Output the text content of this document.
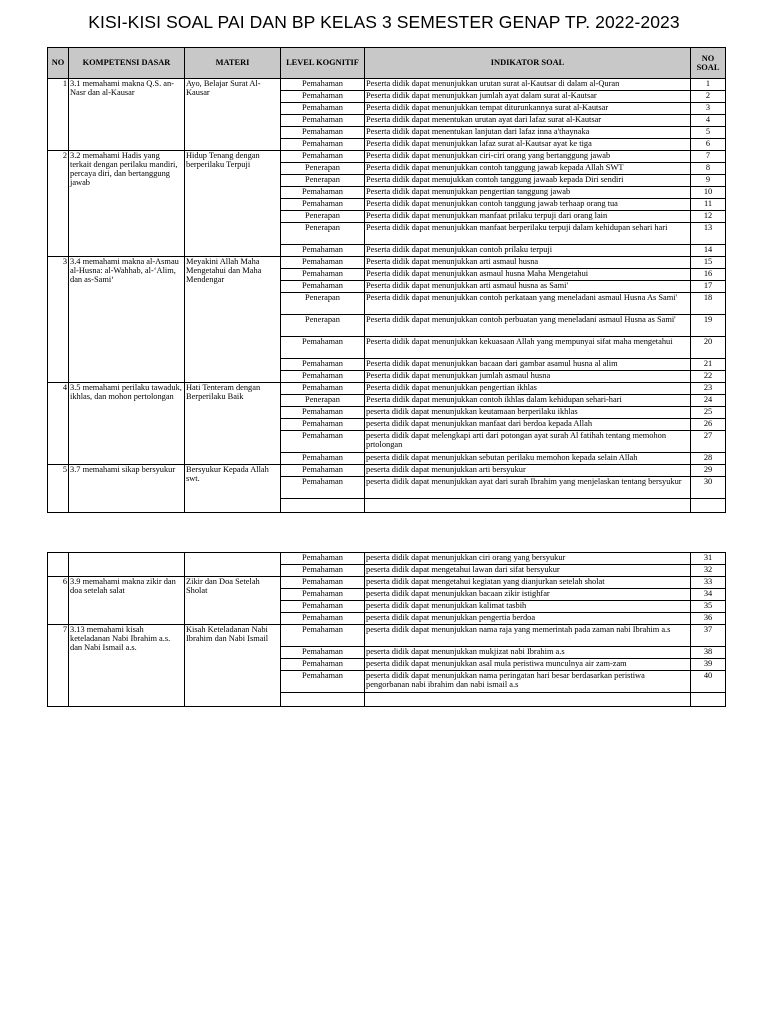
KISI-KISI SOAL PAI DAN BP KELAS 3 SEMESTER GENAP TP. 2022-2023
NO	KOMPETENSI DASAR	MATERI	LEVEL KOGNITIF	INDIKATOR SOAL	NO SOAL
1	3.1 memahami makna Q.S. an-Nasr dan al-Kausar	Ayo, Belajar Surat Al-Kausar	Pemahaman	Peserta didik dapat menunjukkan urutan surat al-Kautsar di dalam al-Quran	1
			Pemahaman	Peserta didik dapat menunjukkan jumlah ayat dalam surat al-Kautsar	2
			Pemahaman	Peserta didik dapat menunjukkan tempat diturunkannya surat al-Kautsar	3
			Pemahaman	Peserta didik dapat menentukan urutan ayat dari lafaz surat al-Kautsar	4
			Pemahaman	Peserta didik dapat menentukan lanjutan dari lafaz inna a'thaynaka	5
			Pemahaman	Peserta didik dapat menunjukkan lafaz surat al-Kautsar ayat ke tiga	6
2	3.2 memahami Hadis yang terkait dengan perilaku mandiri, percaya diri, dan bertanggung jawab	Hidup Tenang dengan berperilaku Terpuji	Pemahaman	Peserta didik dapat menunjukkan ciri-ciri orang yang bertanggung jawab	7
			Penerapan	Peserta didik dapat menunjukkan contoh tanggung jawab kepada Allah SWT	8
			Penerapan	Peserta didik dapat menujukkan contoh tanggung jawaab kepada Diri sendiri	9
			Pemahaman	Peserta didik dapat menunjukkan pengertian tanggung jawab	10
			Pemahaman	Peserta didik dapat menunjukkan contoh tanggung jawab terhaap orang tua	11
			Penerapan	Peserta didik dapat menunjukkan manfaat prilaku terpuji dari orang lain	12
			Penerapan	Peserta didik dapat menunjukkan manfaat berperilaku terpuji dalam kehidupan sehari hari	13
			Pemahaman	Peserta didik dapat menunjukkan contoh prilaku terpuji	14
3	3.4 memahami makna al-Asmau al-Husna: al-Wahhab, al-‘Alim, dan as-Sami‘	Meyakini Allah Maha Mengetahui dan Maha Mendengar	Pemahaman	Peserta didik dapat menunjukkan arti asmaul husna	15
			Pemahaman	Peserta didik dapat menunjukkan asmaul husna Maha Mengetahui	16
			Pemahaman	Peserta didik dapat menunjukkan arti asmaul husna as Sami'	17
			Penerapan	Peserta didik dapat menunjukkan contoh perkataan yang meneladani asmaul Husna As Sami'	18
			Penerapan	Peserta didik dapat menunjukkan contoh perbuatan yang meneladani asmaul Husna as Sami'	19
			Pemahaman	Peserta didik dapat menunjukkan kekuasaan Allah yang mempunyai sifat maha mengetahui	20
			Pemahaman	Peserta didik dapat menunjukkan bacaan dari gambar asamul husna al alim	21
			Pemahaman	Peserta didik dapat menunjukkan jumlah asmaul husna	22
4	3.5 memahami perilaku tawaduk, ikhlas, dan mohon pertolongan	Hati Tenteram dengan Berperilaku Baik	Pemahaman	Peserta didik dapat menunjukkan pengertian ikhlas	23
			Penerapan	Peserta didik dapat menunjukkan contoh ikhlas dalam kehidupan sehari-hari	24
			Pemahaman	peserta didik dapat menunjukkan keutamaan berperilaku ikhlas	25
			Pemahaman	peserta didik dapat menunjukkan manfaat dari berdoa kepada Allah	26
			Pemahaman	peserta didik dapat melengkapi arti dari potongan ayat surah Al fatihah tentang memohon prtolongan	27
			Pemahaman	peserta didik dapat menunjukkan sebutan perilaku memohon kepada selain Allah	28
5	3.7 memahami sikap bersyukur	Bersyukur Kepada Allah swt.	Pemahaman	peserta didik dapat menunjukkan arti bersyukur	29
			Pemahaman	peserta didik dapat menunjukkan ayat dari surah Ibrahim yang menjelaskan tentang bersyukur	30

			Pemahaman	peserta didik dapat menunjukkan ciri orang yang bersyukur	31
			Pemahaman	peserta didik dapat mengetahui lawan dari sifat bersyukur	32
6	3.9 memahami makna zikir dan doa setelah salat	Zikir dan Doa Setelah Sholat	Pemahaman	peserta didik dapat mengetahui kegiatan yang dianjurkan setelah sholat	33
			Pemahaman	peserta didik dapat menunjukkan bacaan zikir istighfar	34
			Pemahaman	peserta didik dapat menunjukkan kalimat tasbih	35
			Pemahaman	peserta didik dapat menunjukkan pengertia berdoa	36
7	3.13 memahami kisah keteladanan Nabi Ibrahim a.s. dan Nabi Ismail a.s.	Kisah Keteladanan Nabi Ibrahim dan Nabi Ismail	Pemahaman	peserta didik dapat menunjukkan nama raja yang memerintah pada zaman nabi Ibrahim a.s	37
			Pemahaman	peserta didik dapat menunjukkan mukjizat nabi Ibrahim a.s	38
			Pemahaman	peserta didik dapat menunjukkan asal mula peristiwa munculnya air zam-zam	39
			Pemahaman	peserta didik dapat menunjukkan nama peringatan hari besar berdasarkan peristiwa pengorbanan nabi ibrahim dan nabi ismail a.s	40
